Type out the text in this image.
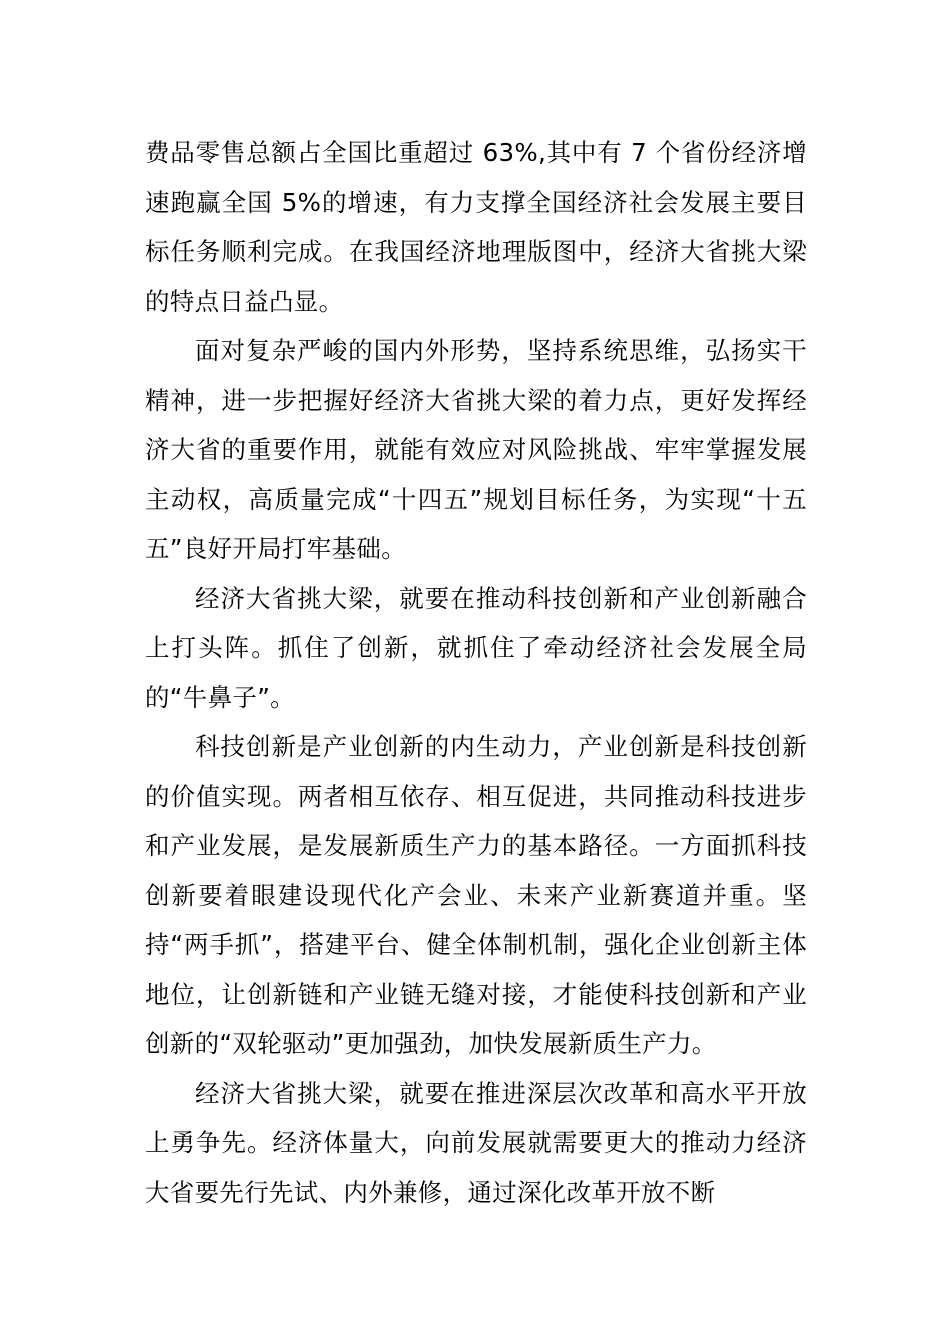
费品零售总额占全国比重超过 63%,其中有 7 个省份经济增速跑赢全国 5%的增速，有力支撑全国经济社会发展主要目标任务顺利完成。在我国经济地理版图中，经济大省挑大梁的特点日益凸显。

面对复杂严峻的国内外形势，坚持系统思维，弘扬实干精神，进一步把握好经济大省挑大梁的着力点，更好发挥经济大省的重要作用，就能有效应对风险挑战、牢牢掌握发展主动权，高质量完成“十四五”规划目标任务，为实现“十五五”良好开局打牢基础。

经济大省挑大梁，就要在推动科技创新和产业创新融合上打头阵。抓住了创新，就抓住了牵动经济社会发展全局的“牛鼻子”。

科技创新是产业创新的内生动力，产业创新是科技创新的价值实现。两者相互依存、相互促进，共同推动科技进步和产业发展，是发展新质生产力的基本路径。一方面抓科技创新要着眼建设现代化产会业、未来产业新赛道并重。坚持“两手抓”，搭建平台、健全体制机制，强化企业创新主体地位，让创新链和产业链无缝对接，才能使科技创新和产业创新的“双轮驱动”更加强劲，加快发展新质生产力。

经济大省挑大梁，就要在推进深层次改革和高水平开放上勇争先。经济体量大，向前发展就需要更大的推动力经济大省要先行先试、内外兼修，通过深化改革开放不断
